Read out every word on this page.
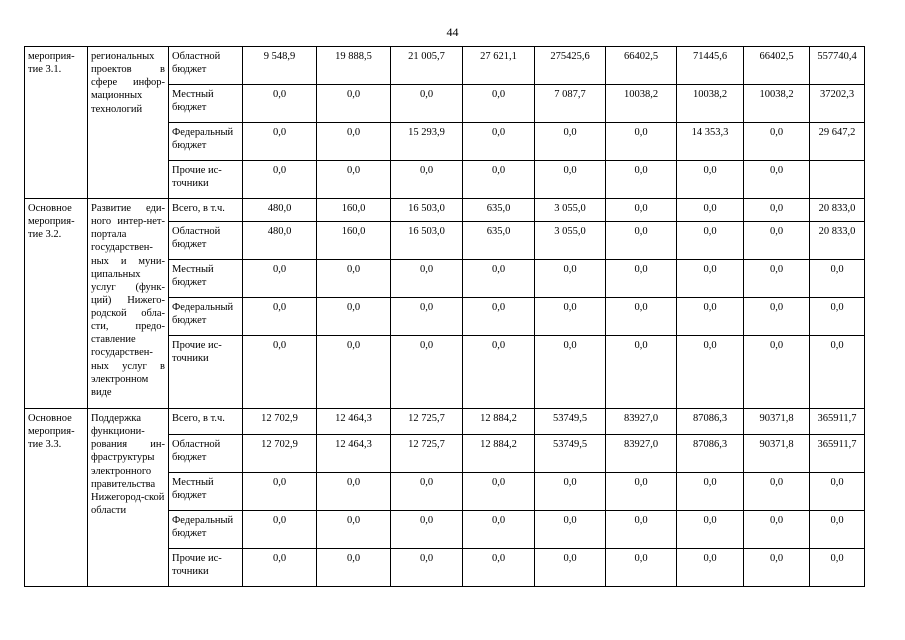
44
мероприя-тие 3.1.	региональных проектов в сфере инфор-мационных технологий	Областной бюджет	9 548,9	19 888,5	21 005,7	27 621,1	275425,6	66402,5	71445,6	66402,5	557740,4
		Местный бюджет	0,0	0,0	0,0	0,0	7 087,7	10038,2	10038,2	10038,2	37202,3
		Федеральный бюджет	0,0	0,0	15 293,9	0,0	0,0	0,0	14 353,3	0,0	29 647,2
		Прочие ис-точники	0,0	0,0	0,0	0,0	0,0	0,0	0,0	0,0	
Основное мероприя-тие 3.2.	Развитие еди-ного интер-нет-портала государствен-ных и муни-ципальных услуг (функ-ций) Нижего-родской обла-сти, предо-ставление государствен-ных услуг в электронном виде	Всего, в т.ч.	480,0	160,0	16 503,0	635,0	3 055,0	0,0	0,0	0,0	20 833,0
		Областной бюджет	480,0	160,0	16 503,0	635,0	3 055,0	0,0	0,0	0,0	20 833,0
		Местный бюджет	0,0	0,0	0,0	0,0	0,0	0,0	0,0	0,0	0,0
		Федеральный бюджет	0,0	0,0	0,0	0,0	0,0	0,0	0,0	0,0	0,0
		Прочие ис-точники	0,0	0,0	0,0	0,0	0,0	0,0	0,0	0,0	0,0
Основное мероприя-тие 3.3.	Поддержка функциони-рования ин-фраструктуры электронного правительства Нижегород-ской области	Всего, в т.ч.	12 702,9	12 464,3	12 725,7	12 884,2	53749,5	83927,0	87086,3	90371,8	365911,7
		Областной бюджет	12 702,9	12 464,3	12 725,7	12 884,2	53749,5	83927,0	87086,3	90371,8	365911,7
		Местный бюджет	0,0	0,0	0,0	0,0	0,0	0,0	0,0	0,0	0,0
		Федеральный бюджет	0,0	0,0	0,0	0,0	0,0	0,0	0,0	0,0	0,0
		Прочие ис-точники	0,0	0,0	0,0	0,0	0,0	0,0	0,0	0,0	0,0
